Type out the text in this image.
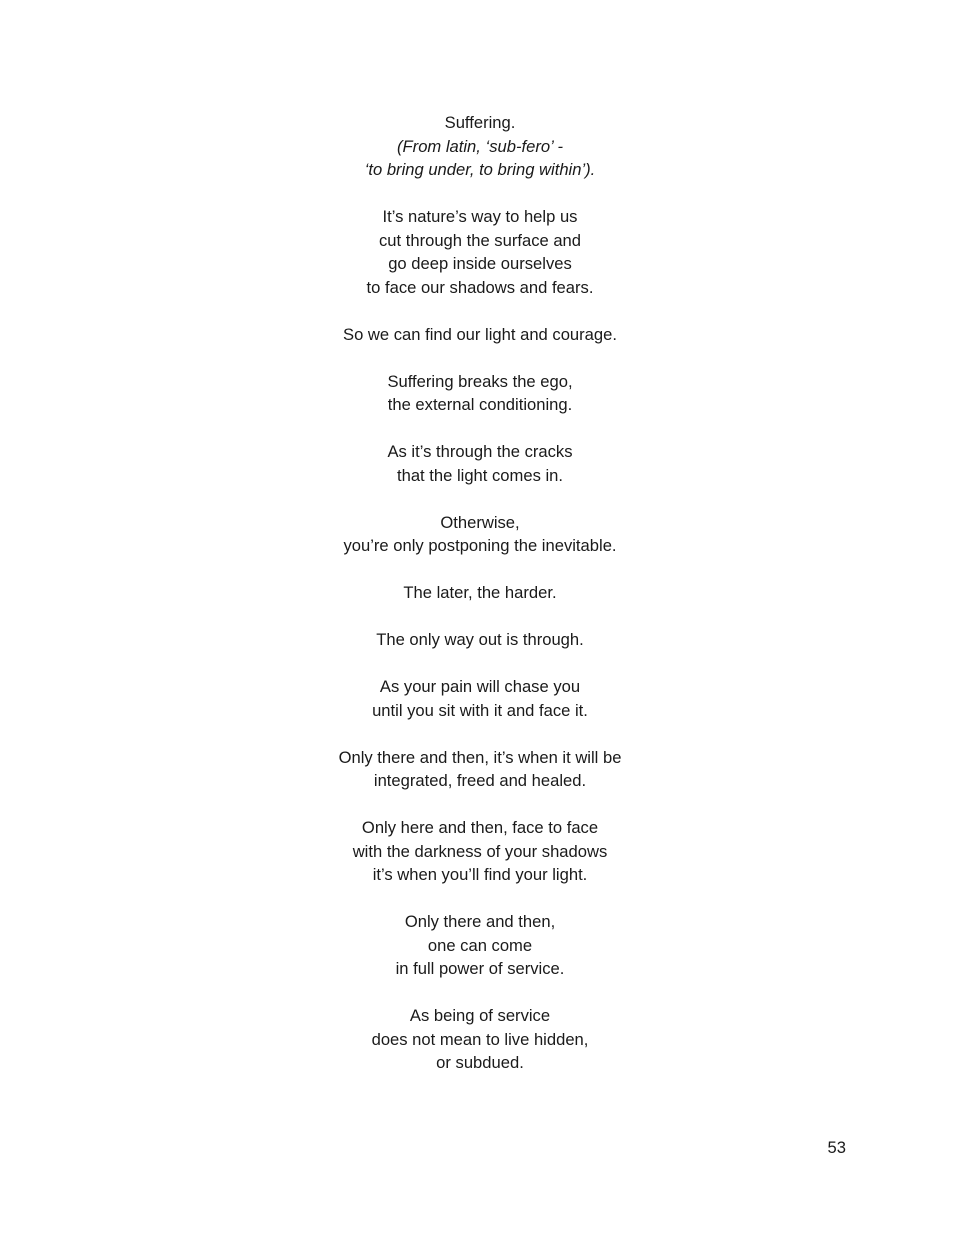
Suffering.
(From latin, ‘sub-fero’ -
‘to bring under, to bring within’).
It’s nature’s way to help us
cut through the surface and
go deep inside ourselves
to face our shadows and fears.
So we can find our light and courage.
Suffering breaks the ego,
the external conditioning.
As it’s through the cracks
that the light comes in.
Otherwise,
you’re only postponing the inevitable.
The later, the harder.
The only way out is through.
As your pain will chase you
until you sit with it and face it.
Only there and then, it’s when it will be
integrated, freed and healed.
Only here and then, face to face
with the darkness of your shadows
it’s when you’ll find your light.
Only there and then,
one can come
in full power of service.
As being of service
does not mean to live hidden,
or subdued.
53
